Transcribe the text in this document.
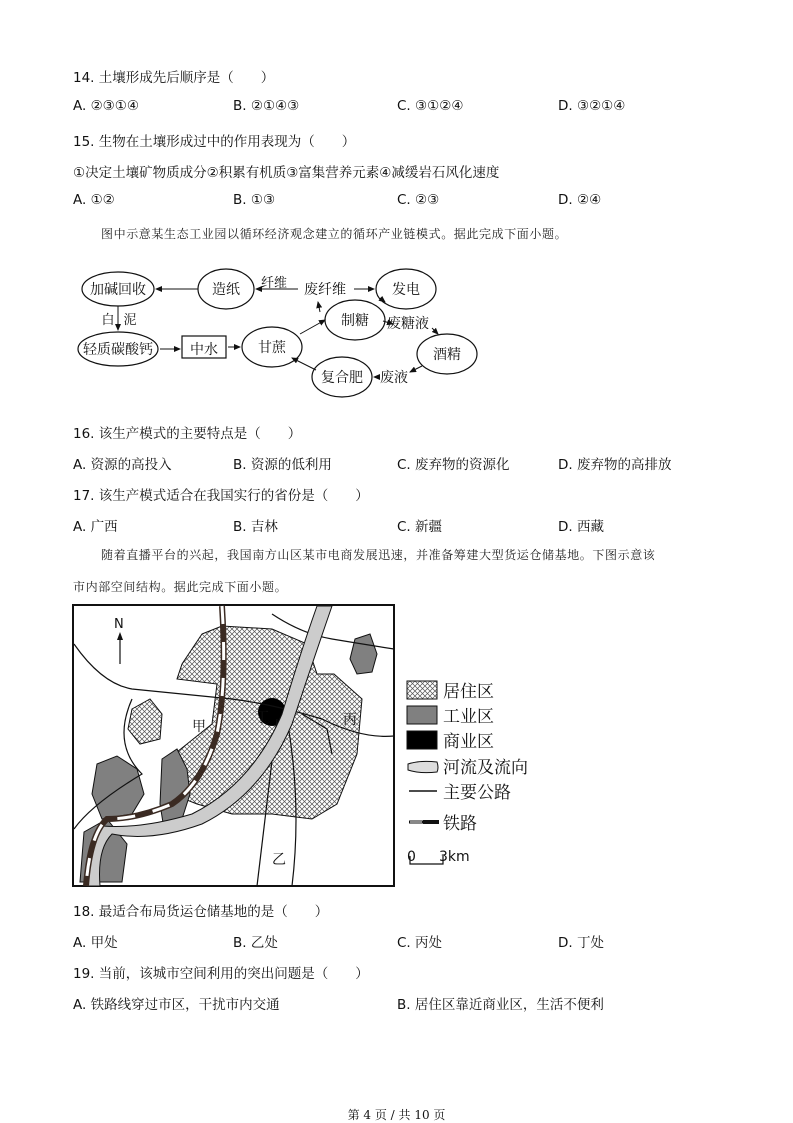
14. 土壤形成先后顺序是（　　）
A. ②③①④	B. ②①④③	C. ③①②④	D. ③②①④
15. 生物在土壤形成过中的作用表现为（　　）
①决定土壤矿物质成分②积累有机质③富集营养元素④减缓岩石风化速度
A. ①②	B. ①③	C. ②③	D. ②④
图中示意某生态工业园以循环经济观念建立的循环产业链模式。据此完成下面小题。
加碱回收	造纸	废纤维	发电
制糖 废糖液
酒精
废液
复合肥
甘蔗
中水
轻质碳酸钙
纤维
白 泥
16. 该生产模式的主要特点是（　　）
A. 资源的高投入	B. 资源的低利用	C. 废弃物的资源化	D. 废弃物的高排放
17. 该生产模式适合在我国实行的省份是（　　）
A. 广西	B. 吉林	C. 新疆	D. 西藏
随着直播平台的兴起，我国南方山区某市电商发展迅速，并准备筹建大型货运仓储基地。下图示意该
市内部空间结构。据此完成下面小题。
N
甲
乙
丙
丁
居住区
工业区
商业区
河流及流向
主要公路
铁路
0 3km
18. 最适合布局货运仓储基地的是（　　）
A. 甲处	B. 乙处	C. 丙处	D. 丁处
19. 当前，该城市空间利用的突出问题是（　　）
A. 铁路线穿过市区，干扰市内交通	B. 居住区靠近商业区，生活不便利
第 4 页 / 共 10 页
